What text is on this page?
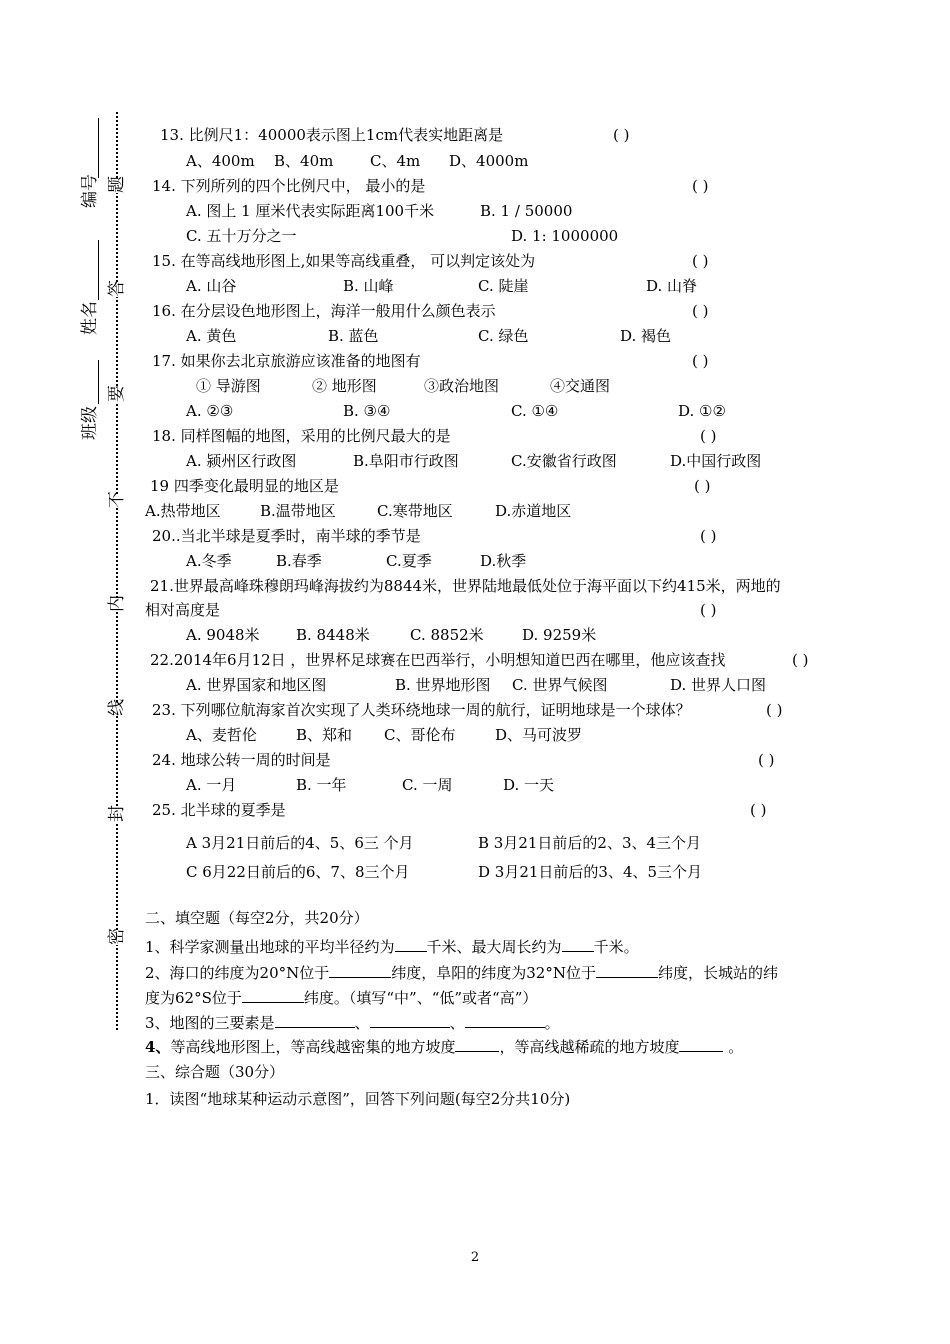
班级
姓名
编号
密
封
线
内
不
要
答
题
13. 比例尺1：40000表示图上1cm代表实地距离是	( )
A、400m B、40m C、4m D、4000m
14. 下列所列的四个比例尺中， 最小的是	( )
A. 图上 1 厘米代表实际距离100千米	B. 1 / 50000
C. 五十万分之一	D. 1: 1000000
15. 在等高线地形图上,如果等高线重叠， 可以判定该处为	( )
A. 山谷	B. 山峰	C. 陡崖	D. 山脊
16. 在分层设色地形图上，海洋一般用什么颜色表示	( )
A. 黄色	B. 蓝色	C. 绿色	D. 褐色
17. 如果你去北京旅游应该准备的地图有	( )
① 导游图	② 地形图	③政治地图	④交通图
A. ②③	B. ③④	C. ①④	D. ①②
18. 同样图幅的地图，采用的比例尺最大的是	( )
A. 颍州区行政图	B.阜阳市行政图	C.安徽省行政图	D.中国行政图
19 四季变化最明显的地区是	( )
A.热带地区	B.温带地区	C.寒带地区	D.赤道地区
20..当北半球是夏季时，南半球的季节是	( )
A.冬季	B.春季	C.夏季	D.秋季
21.世界最高峰珠穆朗玛峰海拔约为8844米，世界陆地最低处位于海平面以下约415米，两地的
相对高度是	( )
A. 9048米 B. 8448米	C. 8852米	D. 9259米
22.2014年6月12日 ，世界杯足球赛在巴西举行，小明想知道巴西在哪里，他应该查找	( )
A. 世界国家和地区图	B. 世界地形图 C. 世界气候图	D. 世界人口图
23. 下列哪位航海家首次实现了人类环绕地球一周的航行，证明地球是一个球体？	( )
A、麦哲伦	B、郑和 C、哥伦布	D、马可波罗
24. 地球公转一周的时间是	( )
A. 一月	B. 一年	C. 一周	D. 一天
25. 北半球的夏季是	( )
A 3月21日前后的4、5、6三 个月	B 3月21日前后的2、3、4三个月
C 6月22日前后的6、7、8三个月	D 3月21日前后的3、4、5三个月
二、填空题（每空2分，共20分）
1、科学家测量出地球的平均半径约为 千米、最大周长约为 千米。
2、海口的纬度为20°N位于	纬度，阜阳的纬度为32°N位于	纬度，长城站的纬
度为62°S位于	纬度。（填写“中”、“低”或者“高”）
3、地图的三要素是	、	、	。
4、等高线地形图上，等高线越密集的地方坡度	，等高线越稀疏的地方坡度	。
三、综合题（30分）
1．读图“地球某种运动示意图”，回答下列问题(每空2分共10分)
2
